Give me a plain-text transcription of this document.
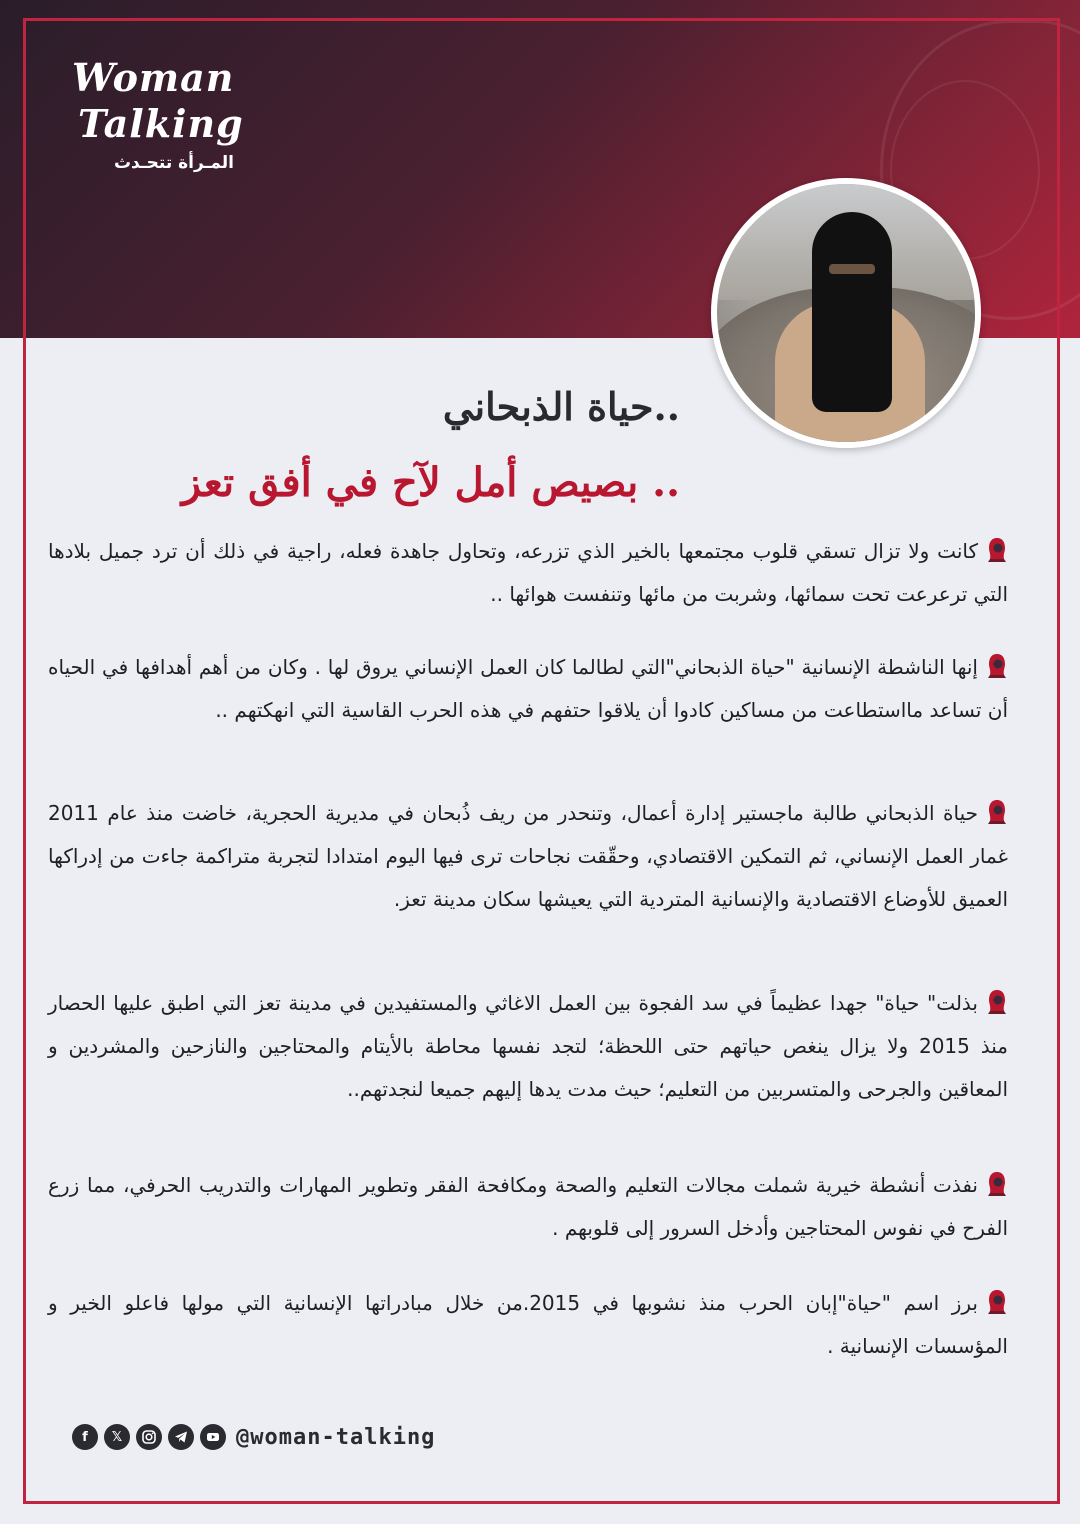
Woman
Talking
المـرأة تتحـدث
..حياة الذبحاني
.. بصيص أمل لآح في أفق تعز
كانت ولا تزال تسقي قلوب مجتمعها بالخير الذي تزرعه، وتحاول جاهدة فعله، راجية في ذلك أن ترد جميل بلادها التي ترعرعت تحت سمائها، وشربت من مائها وتنفست هوائها ..
إنها الناشطة الإنسانية "حياة الذبحاني"التي لطالما كان العمل الإنساني يروق لها . وكان من أهم أهدافها في الحياه أن تساعد مااستطاعت من مساكين كادوا أن يلاقوا حتفهم في هذه الحرب القاسية التي انهكتهم ..
حياة الذبحاني طالبة ماجستير إدارة أعمال، وتنحدر من ريف ذُبحان في مديرية الحجرية، خاضت منذ عام 2011 غمار العمل الإنساني، ثم التمكين الاقتصادي، وحقّقت نجاحات ترى فيها اليوم امتدادا لتجربة متراكمة جاءت من إدراكها العميق للأوضاع الاقتصادية والإنسانية المتردية التي يعيشها سكان مدينة تعز.
بذلت" حياة" جهدا عظيماً في سد الفجوة بين العمل الاغاثي والمستفيدين في مدينة تعز التي اطبق عليها الحصار منذ 2015 ولا يزال ينغص حياتهم حتى اللحظة؛ لتجد نفسها محاطة بالأيتام والمحتاجين والنازحين والمشردين و المعاقين والجرحى والمتسربين من التعليم؛ حيث مدت يدها إليهم جميعا لنجدتهم..
نفذت أنشطة خيرية شملت مجالات التعليم والصحة ومكافحة الفقر وتطوير المهارات والتدريب الحرفي، مما زرع الفرح في نفوس المحتاجين وأدخل السرور إلى قلوبهم .
برز اسم "حياة"إبان الحرب منذ نشوبها في 2015.من خلال مبادراتها الإنسانية التي مولها فاعلو الخير و المؤسسات الإنسانية .
f	𝕏	@woman-talking
